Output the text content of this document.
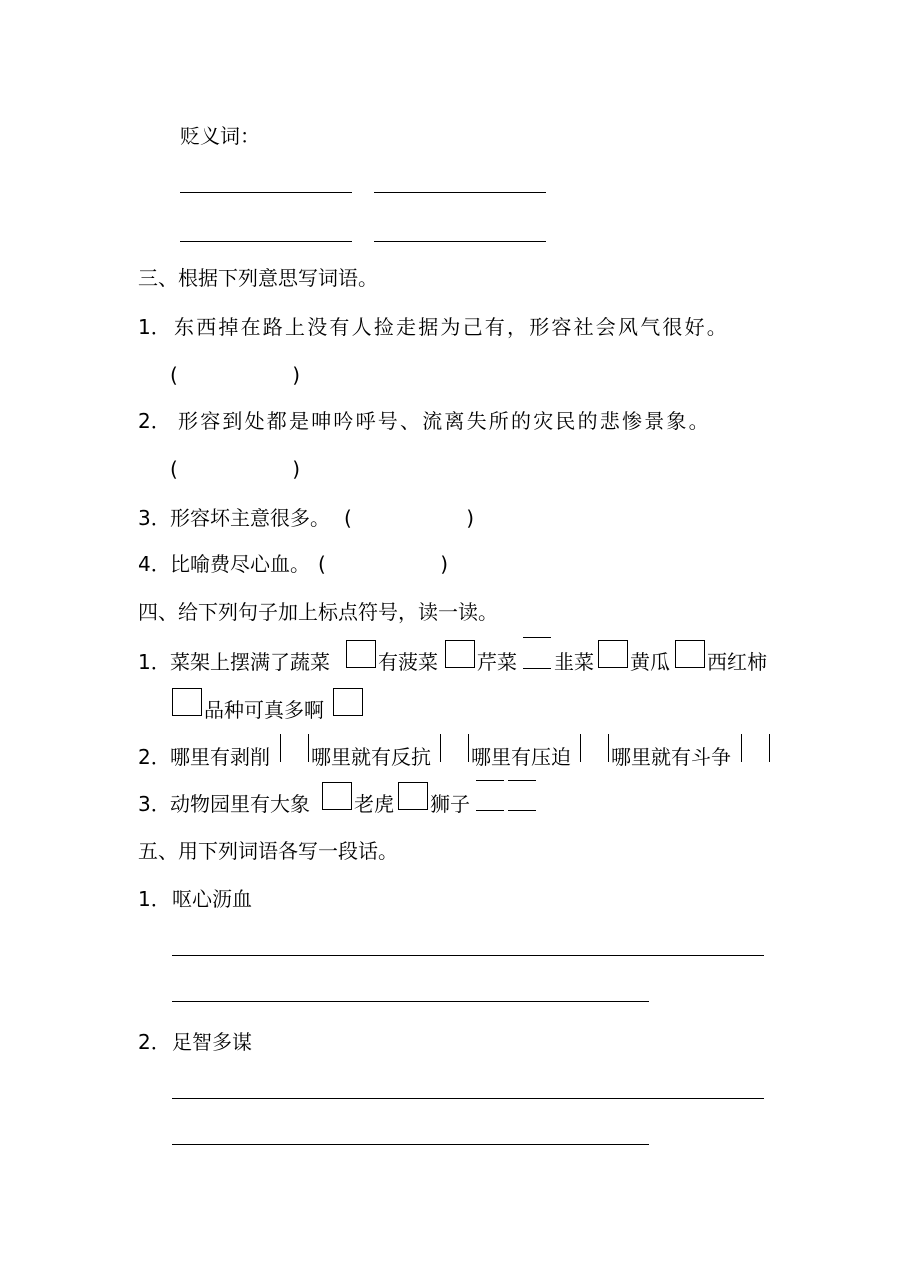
贬义词：
三、根据下列意思写词语。
1． 东西掉在路上没有人捡走据为己有，形容社会风气很好。
(                  )
2． 形容到处都是呻吟呼号、流离失所的灾民的悲惨景象。
(                  )
3． 形容坏主意很多。 (                  )
4． 比喻费尽心血。 (                  )
四、给下列句子加上标点符号，读一读。
1． 菜架上摆满了蔬菜 有菠菜 芹菜 韭菜 黄瓜 西红柿
品种可真多啊
2． 哪里有剥削 哪里就有反抗 哪里有压迫 哪里就有斗争
3． 动物园里有大象 老虎 狮子
五、用下列词语各写一段话。
1． 呕心沥血
2． 足智多谋
